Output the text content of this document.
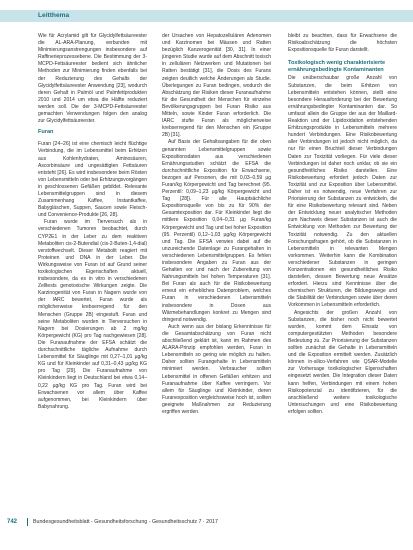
Leitthema

Wie für Acrylamid gilt für Glycidylfettsäureester die AL-ARA-Planung, verbunden mit Minimierungsanstrengungen insbesondere auf Raffinerieprozessebene. Die Bestimmung der 3-MCPD-Fettsäureester bedient sich ähnlicher Methoden zur Minimierung finden ebenfalls bei der Reduzierung des Gehalts der Glycidylfettsäureester Anwendung [23], wodurch deren Gehalt in Palmöl und Palmfettprodukten 2010 und 2014 um etwa die Hälfte reduziert werden soll. Die der 3-MCPD-Fettsäureester gemachten Verwendungen folgen den analog zur Glycidylfettsäureester.

Furan

Furan [24–26] ist eine chemisch leicht flüchtige Verbindung, die im Lebensmittel beim Erhitzen aus Kohlenhydraten, Aminosäuren, Ascorbinsäure und ungesättigten Fettsäuren entsteht [26]. Es wird insbesondere beim Rösten von Lebensmitteln oder bei Erhitzungsvorgängen in geschlossenen Gefäßen gebildet. Relevante Lebensmittelgruppen sind in diesem Zusammenhang Kaffee, Instantkaffee, Babygläschen, Suppen, Saucen sowie Fleisch- und Convenience-Produkte [26, 28].

Furan wurde im Tierversuch als in verschiedenen Tumoren beobachtet, durch CYP2E1 in der Leber zu dem reaktiven Metaboliten cis-2-Butendial (cis-2-Buten-1,4-dial) verstoffwechselt. Dieser Metabolit reagiert mit Proteinen und DNA in der Leber. Die Wirkungsweise von Furan ist auf Grund seiner toxikologischen Eigenschaften aktuell, insbesondere, da es in vitro in verschiedenen Zelltests genotoxische Wirkungen zeigte. Die Karzinogenität von Furan in Nagern wurde von der IARC bewertet, Furan wurde als möglicherweise krebserregend für den Menschen (Gruppe 2B) eingestuft. Furan und seine Metaboliten wurden in Tierversuchen in Nagern bei Dosierungen ab 2 mg/kg Körpergewicht (KG) pro Tag nachgewiesen [28]. Die Furanaufnahme der EFSA schätzt die durchschnittliche tägliche Aufnahme durch Lebensmittel für Säuglinge mit 0,27–1,01 µg/kg KG und für Kleinkinder auf 0,31–0,43 µg/kg KG pro Tag [29]. Die Furanaufnahme von Kleinkindern liegt in Deutschland bei etwa 0,14–0,22 µg/kg KG pro Tag. Furan wird bei Erwachsenen vor allem über Kaffee aufgenommen, bei Kleinkindern über Babynahrung.

der Ursachen von Hepatozellulären Adenomen und Karzinomen bei Mäusen und Ratten bezüglich Kanzerogenität [30, 31]. In einer jüngeren Studie wurde auf dem Abschnitt toxisch in zellulären Netzwerken und Mutationen bei Ratten bestätigt [31], die Dosis des Furans zeigten deutlich welche Änderungen als Studie. Überlegungen zu Furan bedingen, wodurch die Abschätzung der Risiken dieser Furanaufnahme für die Gesundheit der Menschen für einzelne Bevölkerungsgruppen bei Furan Risiko aus Mitteln, sowie Kinder Furan erforderlich. Die IARC stufte Furan als möglicherweise krebserregend für den Menschen ein (Gruppe 2B) [31].

Auf Basis der Gehaltsangaben für die oben genannten Lebensmittelgruppen sowie Expositionsdaten aus verschiedenen Ernährungsstudien schätzt die EFSA die durchschnittliche Exposition für Erwachsene, bezogen auf Personen, die mit 0,03–0,59 µg Furan/kg Körpergewicht und Tag berechnet (95. Perzentil: 0,09–1,23 µg/kg Körpergewicht und Tag [28]). Für alle Hauptsächliche Expositionsquelle von bis zu für 90% der Gesamtexposition dar. Für Kleinkinder liegt die mittlere Exposition 0,04–0,31 µg Furan/kg Körpergewicht und Tag und bei hoher Exposition (95. Perzentil) 0,12–1,03 µg/kg Körpergewicht und Tag. Die EFSA verwies dabei auf die unzureichende Datenlage zu Furangehalten in verschiedenen Lebensmittelgruppen. Es fehlen insbesondere Angaben zu Furan aus der Gehalten vor und nach der Zubereitung von Nahrungsmitteln bei hohen Temperaturen [31]. Bei Furan als auch für die Risikobewertung erneut ein erhebliches Datenproblem, welches Furan in verschiedenen Lebensmitteln insbesondere in Dosen aus Wärmebehandlungen konkret zu Mengen sind dringend notwendig.

Auch wenn aus der bislang Erkenntnisse für die Gesamtabschätzung von Furan nicht abschließend geklärt ist, kann im Rahmen des ALARA-Prinzip empfohlen werden, Furan in Lebensmitteln so gering wie möglich zu halten. Daher sollten Furangehalte in Lebensmitteln minimiert werden. Verbraucher sollten Lebensmittel in offenen Gefäßen erhitzen und Furanaufnahme über Kaffee verringern. Vor allem für Säuglinge und Kleinkinder, deren Furanexposition vergleichsweise hoch ist, sollten geeignete Maßnahmen zur Reduzierung ergriffen werden.

bleibt zu beachten, dass für Erwachsene die Risikoabschätzung die höchsten Expositionsquelle für Furan darstellt.

Toxikologisch wenig charakterisierte ernährungsbedingte Kontaminanten

Die unüberschaubar große Anzahl von Substanzen, die beim Erhitzen von Lebensmitteln entstehen können, stellt eine besondere Herausforderung bei der Bewertung ernährungsbedingter Kontaminanten dar. So umfasst allein die Gruppe der aus der Maillard-Reaktion und der Lipidoxidation entstehenden Erhitzungsprodukte in Lebensmitteln mehrere hundert Verbindungen. Eine Risikobewertung aller Verbindungen ist jedoch nicht möglich, da nur für einen Bruchteil dieser Verbindungen Daten zur Toxizität vorliegen. Für viele dieser Verbindungen ist daher noch unklar, ob sie ein gesundheitliches Risiko darstellen. Eine Risikobewertung erfordert jedoch Daten zur Toxizität und zur Exposition über Lebensmittel. Daher ist es notwendig, neue Verfahren zur Priorisierung der Substanzen zu entwickeln, die für eine Risikobewertung relevant sind. Neben der Entwicklung neuer analytischer Methoden zum Nachweis dieser Substanzen ist auch die Entwicklung von Methoden zur Bewertung der Toxizität notwendig. Zu den aktuellen Forschungsfragen gehört, ob die Substanzen in Lebensmitteln in relevanten Mengen vorkommen. Weiterhin kann die Kombination verschiedener Substanzen in geringen Konzentrationen ein gesundheitliches Risiko darstellen, dessen Bewertung neue Ansätze erfordert. Hierzu sind Kenntnisse über die chemischen Strukturen, die Bildungswege und die Stabilität der Verbindungen sowie über deren Vorkommen in Lebensmitteln erforderlich.

Angesichts der großen Anzahl von Substanzen, die bisher noch nicht bewertet wurden, kommt dem Einsatz von computergestützten Methoden besondere Bedeutung zu. Zur Priorisierung der Substanzen sollten zunächst die Gehalte in Lebensmitteln und die Exposition ermittelt werden. Zusätzlich können in-silico-Verfahren wie QSAR-Modelle zur Vorhersage toxikologischer Eigenschaften eingesetzt werden. Die Integration dieser Daten kann helfen, Verbindungen mit einem hohen Risikopotenzial zu identifizieren, für die anschließend weitere toxikologische Untersuchungen und eine Risikobewertung erfolgen sollten.

742	Bundesgesundheitsblatt - Gesundheitsforschung - Gesundheitsschutz 7 · 2017
